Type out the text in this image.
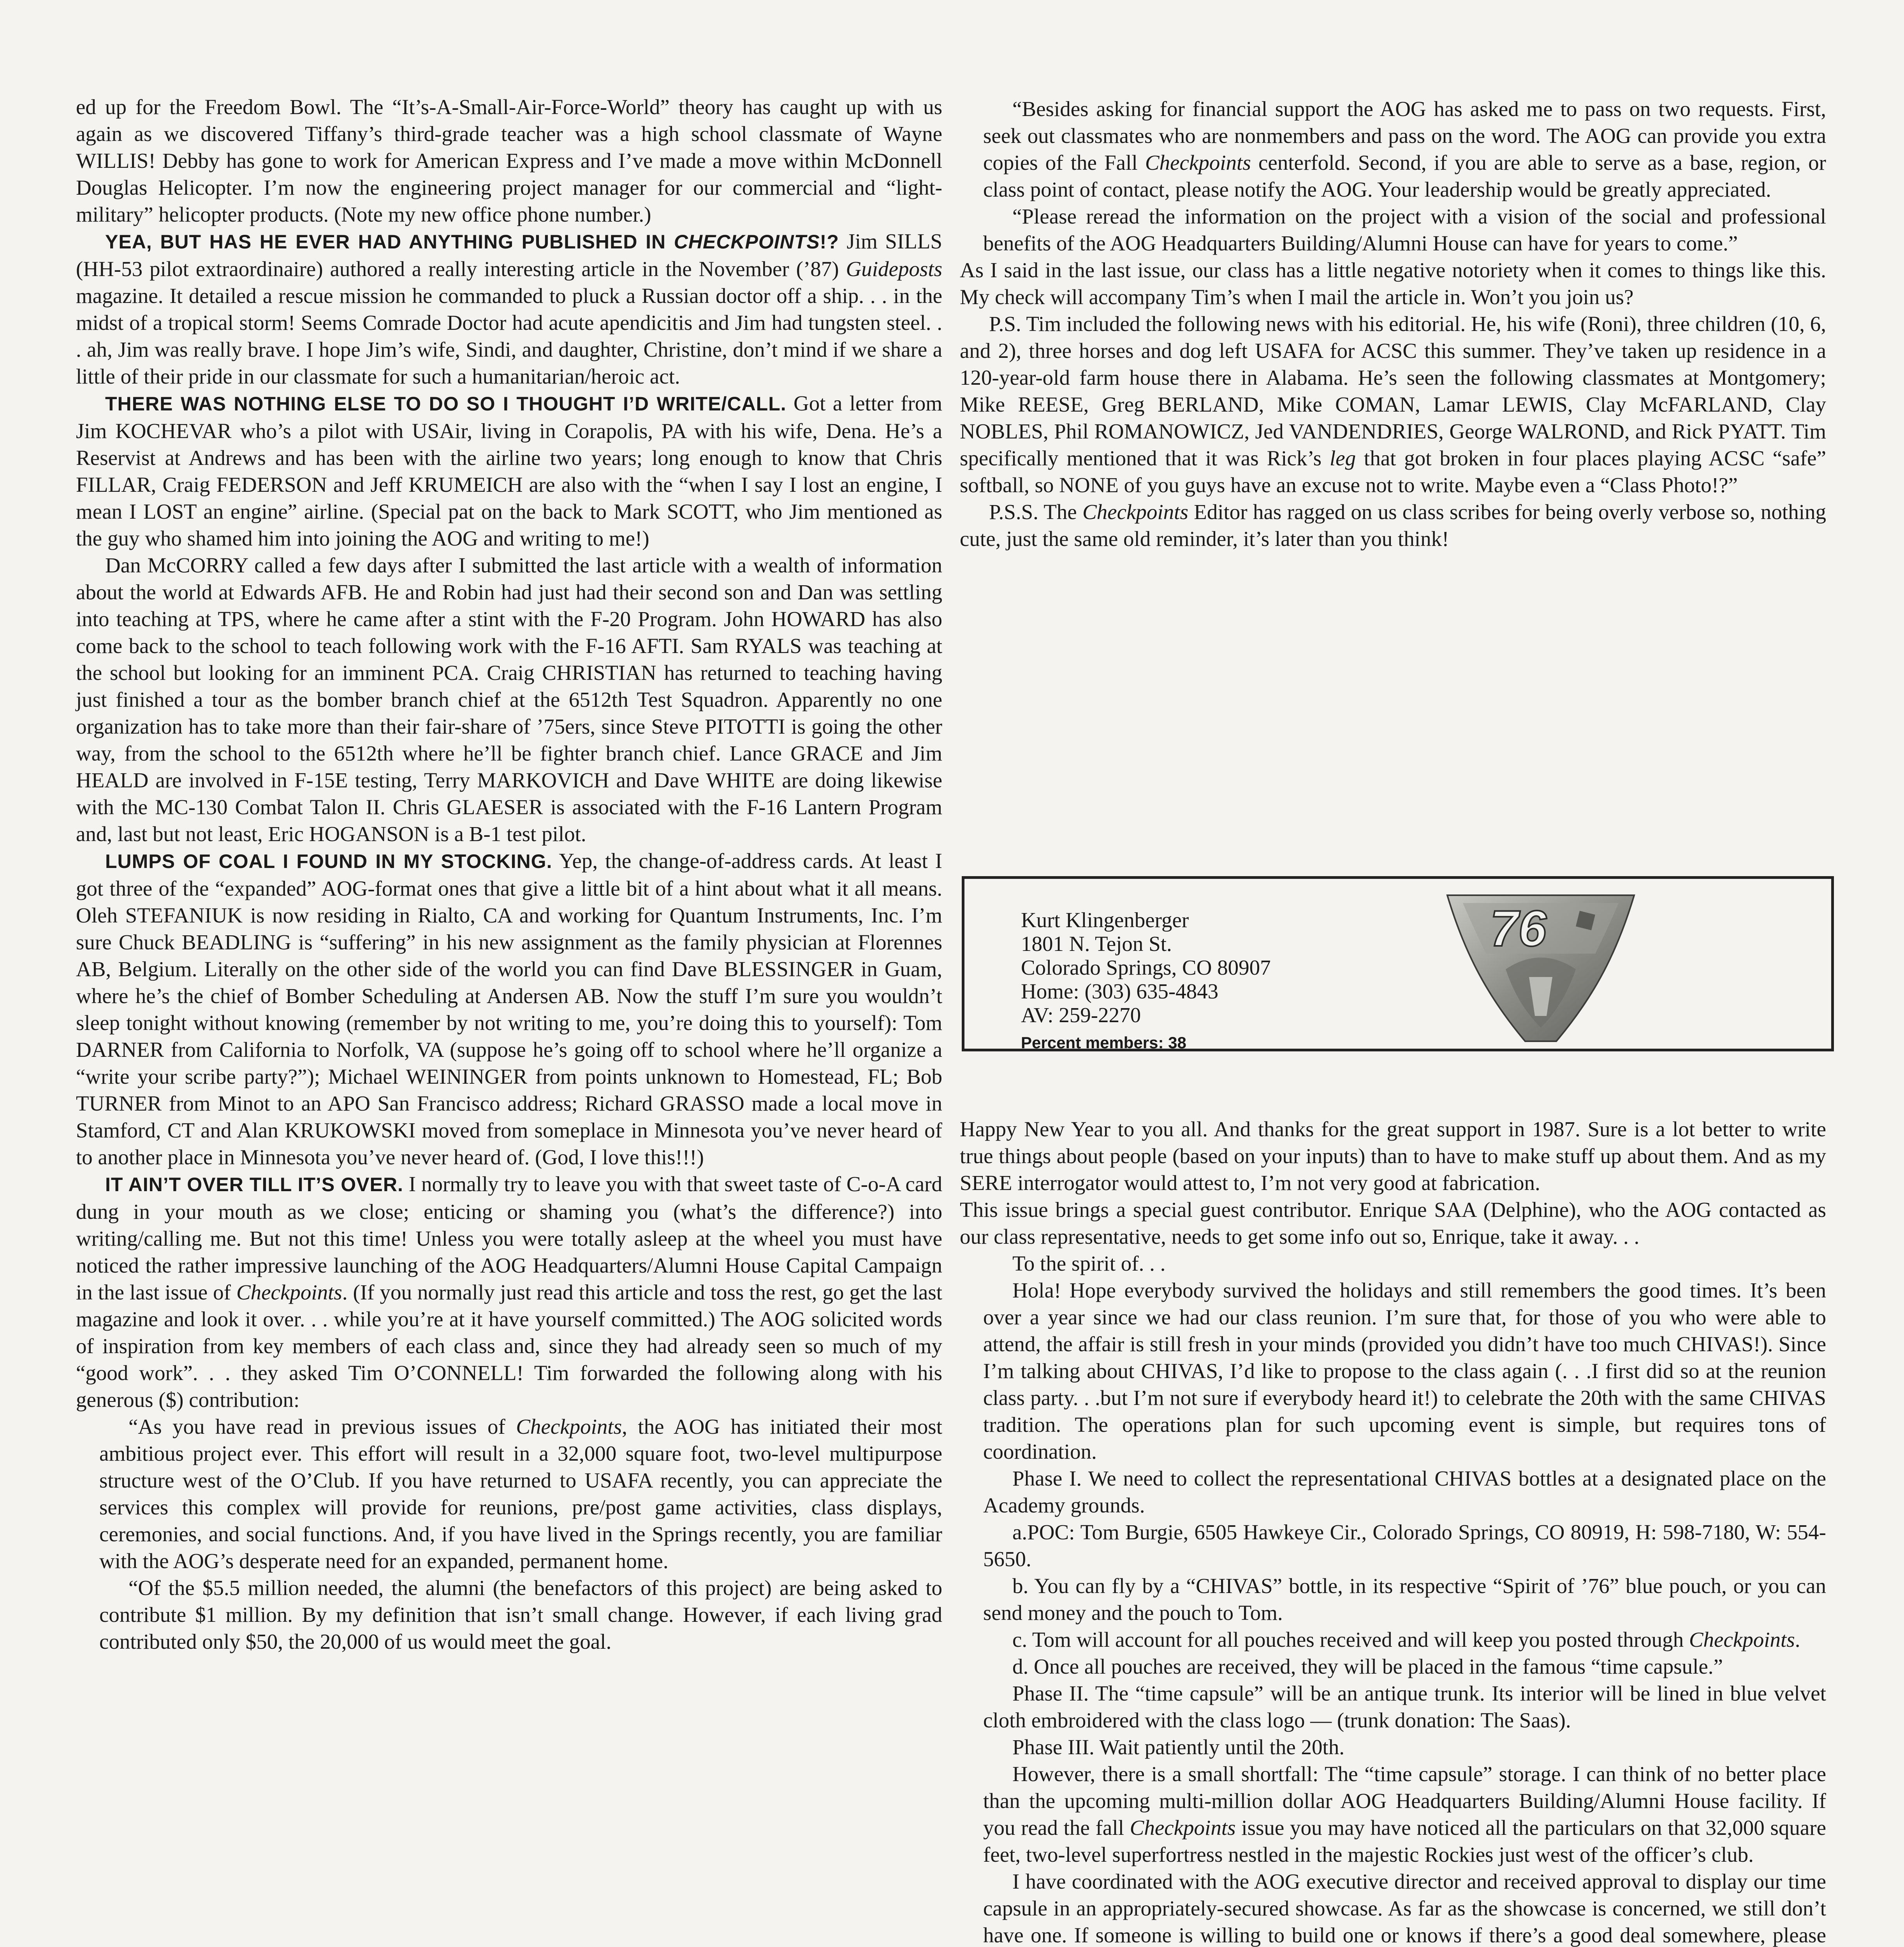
ed up for the Freedom Bowl. The “It’s-A-Small-Air-Force-World” theory has caught up with us again as we discovered Tiffany’s third-grade teacher was a high school classmate of Wayne WILLIS! Debby has gone to work for American Express and I’ve made a move within McDonnell Douglas Helicopter. I’m now the engineering project manager for our commercial and “light-military” helicopter products. (Note my new office phone number.)

YEA, BUT HAS HE EVER HAD ANYTHING PUBLISHED IN CHECKPOINTS!? Jim SILLS (HH-53 pilot extraordinaire) authored a really interesting article in the November (’87) Guideposts magazine. It detailed a rescue mission he commanded to pluck a Russian doctor off a ship. . . in the midst of a tropical storm! Seems Comrade Doctor had acute apendicitis and Jim had tungsten steel. . . ah, Jim was really brave. I hope Jim’s wife, Sindi, and daughter, Christine, don’t mind if we share a little of their pride in our classmate for such a humanitarian/heroic act.

THERE WAS NOTHING ELSE TO DO SO I THOUGHT I’D WRITE/CALL. Got a letter from Jim KOCHEVAR who’s a pilot with USAir, living in Corapolis, PA with his wife, Dena. He’s a Reservist at Andrews and has been with the airline two years; long enough to know that Chris FILLAR, Craig FEDERSON and Jeff KRUMEICH are also with the “when I say I lost an engine, I mean I LOST an engine” airline. (Special pat on the back to Mark SCOTT, who Jim mentioned as the guy who shamed him into joining the AOG and writing to me!)

Dan McCORRY called a few days after I submitted the last article with a wealth of information about the world at Edwards AFB. He and Robin had just had their second son and Dan was settling into teaching at TPS, where he came after a stint with the F-20 Program. John HOWARD has also come back to the school to teach following work with the F-16 AFTI. Sam RYALS was teaching at the school but looking for an imminent PCA. Craig CHRISTIAN has returned to teaching having just finished a tour as the bomber branch chief at the 6512th Test Squadron. Apparently no one organization has to take more than their fair-share of ’75ers, since Steve PITOTTI is going the other way, from the school to the 6512th where he’ll be fighter branch chief. Lance GRACE and Jim HEALD are involved in F-15E testing, Terry MARKOVICH and Dave WHITE are doing likewise with the MC-130 Combat Talon II. Chris GLAESER is associated with the F-16 Lantern Program and, last but not least, Eric HOGANSON is a B-1 test pilot.

LUMPS OF COAL I FOUND IN MY STOCKING. Yep, the change-of-address cards. At least I got three of the “expanded” AOG-format ones that give a little bit of a hint about what it all means. Oleh STEFANIUK is now residing in Rialto, CA and working for Quantum Instruments, Inc. I’m sure Chuck BEADLING is “suffering” in his new assignment as the family physician at Florennes AB, Belgium. Literally on the other side of the world you can find Dave BLESSINGER in Guam, where he’s the chief of Bomber Scheduling at Andersen AB. Now the stuff I’m sure you wouldn’t sleep tonight without knowing (remember by not writing to me, you’re doing this to yourself): Tom DARNER from California to Norfolk, VA (suppose he’s going off to school where he’ll organize a “write your scribe party?”); Michael WEININGER from points unknown to Homestead, FL; Bob TURNER from Minot to an APO San Francisco address; Richard GRASSO made a local move in Stamford, CT and Alan KRUKOWSKI moved from someplace in Minnesota you’ve never heard of to another place in Minnesota you’ve never heard of. (God, I love this!!!)

IT AIN’T OVER TILL IT’S OVER. I normally try to leave you with that sweet taste of C-o-A card dung in your mouth as we close; enticing or shaming you (what’s the difference?) into writing/calling me. But not this time! Unless you were totally asleep at the wheel you must have noticed the rather impressive launching of the AOG Headquarters/Alumni House Capital Campaign in the last issue of Checkpoints. (If you normally just read this article and toss the rest, go get the last magazine and look it over. . . while you’re at it have yourself committed.) The AOG solicited words of inspiration from key members of each class and, since they had already seen so much of my “good work”. . . they asked Tim O’CONNELL! Tim forwarded the following along with his generous ($) contribution:

“As you have read in previous issues of Checkpoints, the AOG has initiated their most ambitious project ever. This effort will result in a 32,000 square foot, two-level multipurpose structure west of the O’Club. If you have returned to USAFA recently, you can appreciate the services this complex will provide for reunions, pre/post game activities, class displays, ceremonies, and social functions. And, if you have lived in the Springs recently, you are familiar with the AOG’s desperate need for an expanded, permanent home.

“Of the $5.5 million needed, the alumni (the benefactors of this project) are being asked to contribute $1 million. By my definition that isn’t small change. However, if each living grad contributed only $50, the 20,000 of us would meet the goal.

“Besides asking for financial support the AOG has asked me to pass on two requests. First, seek out classmates who are nonmembers and pass on the word. The AOG can provide you extra copies of the Fall Checkpoints centerfold. Second, if you are able to serve as a base, region, or class point of contact, please notify the AOG. Your leadership would be greatly appreciated.

“Please reread the information on the project with a vision of the social and professional benefits of the AOG Headquarters Building/Alumni House can have for years to come.”

As I said in the last issue, our class has a little negative notoriety when it comes to things like this. My check will accompany Tim’s when I mail the article in. Won’t you join us?

P.S. Tim included the following news with his editorial. He, his wife (Roni), three children (10, 6, and 2), three horses and dog left USAFA for ACSC this summer. They’ve taken up residence in a 120-year-old farm house there in Alabama. He’s seen the following classmates at Montgomery; Mike REESE, Greg BERLAND, Mike COMAN, Lamar LEWIS, Clay McFARLAND, Clay NOBLES, Phil ROMANOWICZ, Jed VANDENDRIES, George WALROND, and Rick PYATT. Tim specifically mentioned that it was Rick’s leg that got broken in four places playing ACSC “safe” softball, so NONE of you guys have an excuse not to write. Maybe even a “Class Photo!?”

P.S.S. The Checkpoints Editor has ragged on us class scribes for being overly verbose so, nothing cute, just the same old reminder, it’s later than you think!

Kurt Klingenberger
1801 N. Tejon St.
Colorado Springs, CO 80907
Home: (303) 635-4843
AV: 259-2270
Percent members: 38
76

Happy New Year to you all. And thanks for the great support in 1987. Sure is a lot better to write true things about people (based on your inputs) than to have to make stuff up about them. And as my SERE interrogator would attest to, I’m not very good at fabrication.

This issue brings a special guest contributor. Enrique SAA (Delphine), who the AOG contacted as our class representative, needs to get some info out so, Enrique, take it away. . .

To the spirit of. . .

Hola! Hope everybody survived the holidays and still remembers the good times. It’s been over a year since we had our class reunion. I’m sure that, for those of you who were able to attend, the affair is still fresh in your minds (provided you didn’t have too much CHIVAS!). Since I’m talking about CHIVAS, I’d like to propose to the class again (. . .I first did so at the reunion class party. . .but I’m not sure if everybody heard it!) to celebrate the 20th with the same CHIVAS tradition. The operations plan for such upcoming event is simple, but requires tons of coordination.

Phase I. We need to collect the representational CHIVAS bottles at a designated place on the Academy grounds.

a.POC: Tom Burgie, 6505 Hawkeye Cir., Colorado Springs, CO 80919, H: 598-7180, W: 554-5650.

b. You can fly by a “CHIVAS” bottle, in its respective “Spirit of ’76” blue pouch, or you can send money and the pouch to Tom.

c. Tom will account for all pouches received and will keep you posted through Checkpoints.

d. Once all pouches are received, they will be placed in the famous “time capsule.”

Phase II. The “time capsule” will be an antique trunk. Its interior will be lined in blue velvet cloth embroidered with the class logo — (trunk donation: The Saas).

Phase III. Wait patiently until the 20th.

However, there is a small shortfall: The “time capsule” storage. I can think of no better place than the upcoming multi-million dollar AOG Headquarters Building/Alumni House facility. If you read the fall Checkpoints issue you may have noticed all the particulars on that 32,000 square feet, two-level superfortress nestled in the majestic Rockies just west of the officer’s club.

I have coordinated with the AOG executive director and received approval to display our time capsule in an appropriately-secured showcase. As far as the showcase is concerned, we still don’t have one. If someone is willing to build one or knows if there’s a good deal somewhere, please
